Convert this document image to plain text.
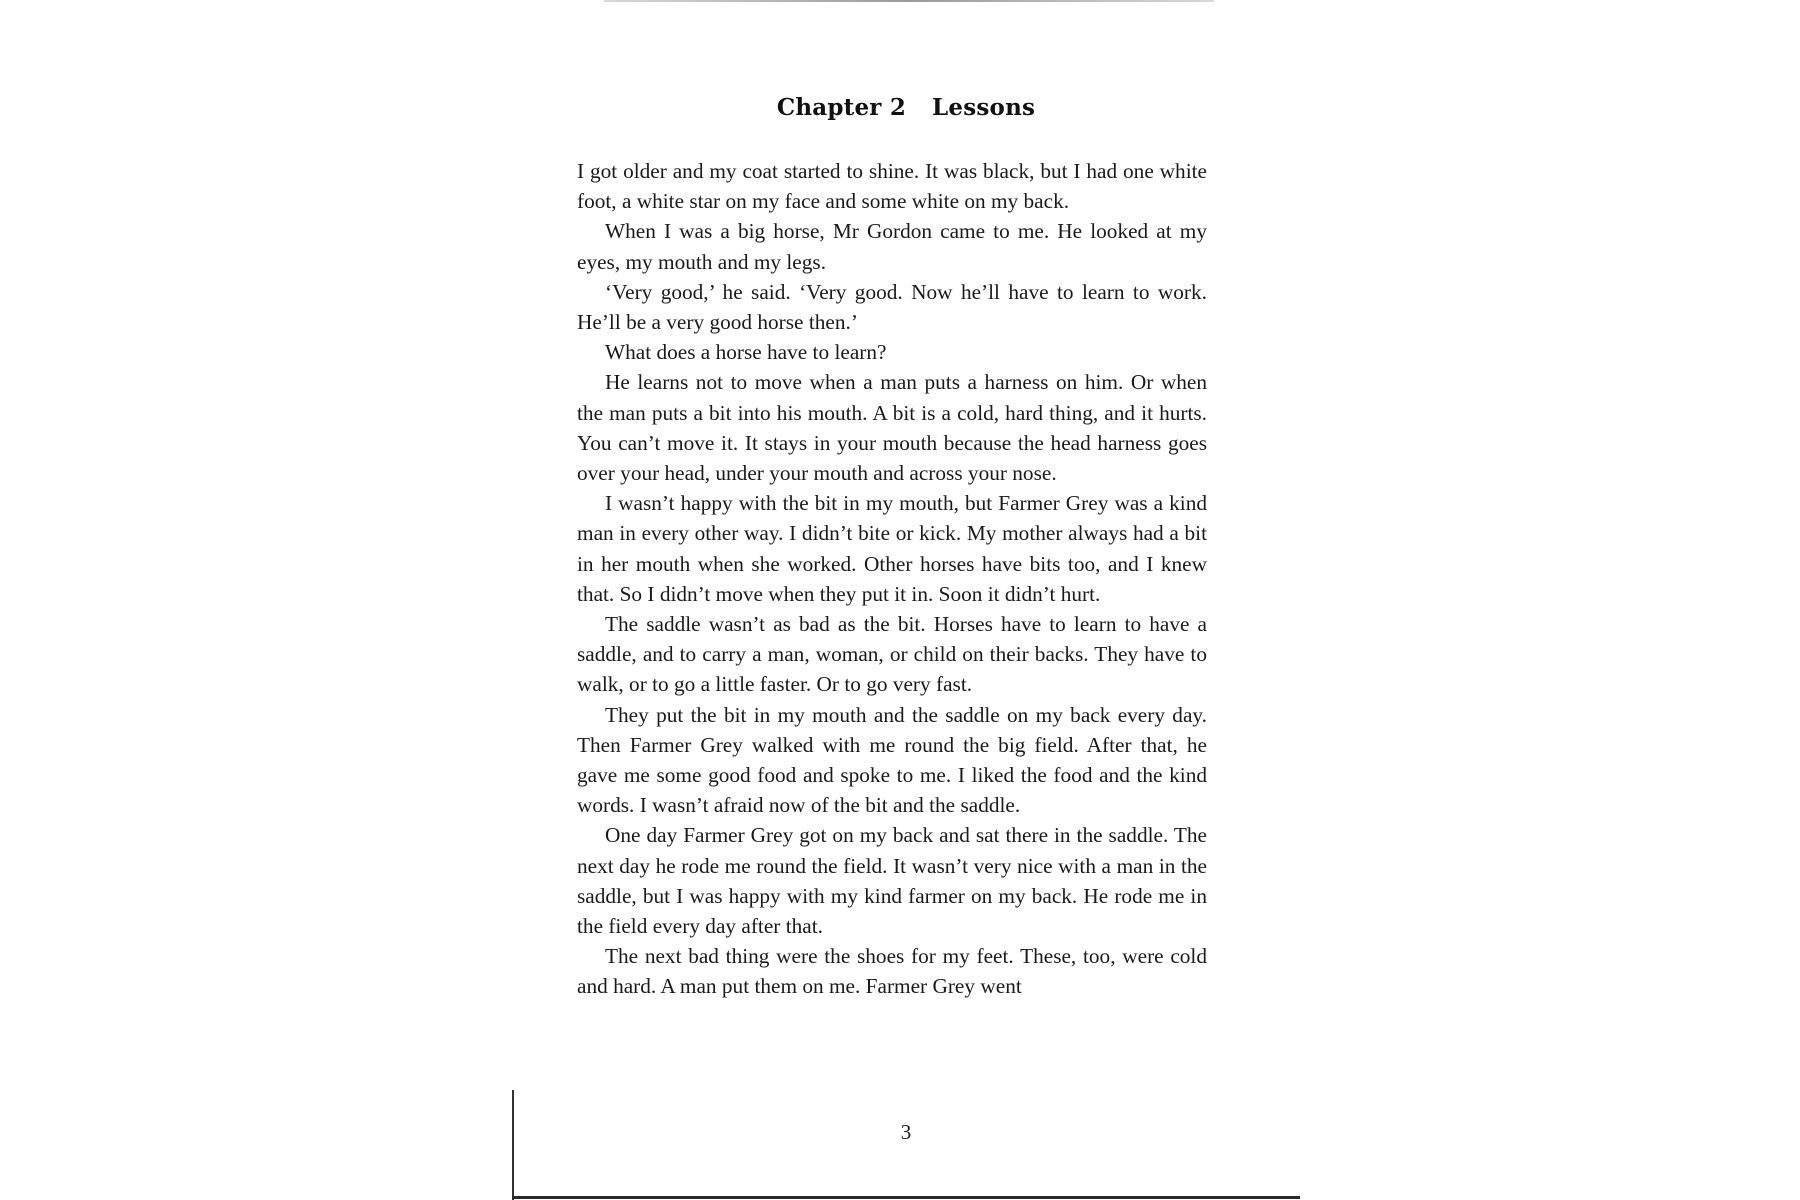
Chapter 2 Lessons

I got older and my coat started to shine. It was black, but I had one white foot, a white star on my face and some white on my back.

When I was a big horse, Mr Gordon came to me. He looked at my eyes, my mouth and my legs.

‘Very good,’ he said. ‘Very good. Now he’ll have to learn to work. He’ll be a very good horse then.’

What does a horse have to learn?

He learns not to move when a man puts a harness on him. Or when the man puts a bit into his mouth. A bit is a cold, hard thing, and it hurts. You can’t move it. It stays in your mouth because the head harness goes over your head, under your mouth and across your nose.

I wasn’t happy with the bit in my mouth, but Farmer Grey was a kind man in every other way. I didn’t bite or kick. My mother always had a bit in her mouth when she worked. Other horses have bits too, and I knew that. So I didn’t move when they put it in. Soon it didn’t hurt.

The saddle wasn’t as bad as the bit. Horses have to learn to have a saddle, and to carry a man, woman, or child on their backs. They have to walk, or to go a little faster. Or to go very fast.

They put the bit in my mouth and the saddle on my back every day. Then Farmer Grey walked with me round the big field. After that, he gave me some good food and spoke to me. I liked the food and the kind words. I wasn’t afraid now of the bit and the saddle.

One day Farmer Grey got on my back and sat there in the saddle. The next day he rode me round the field. It wasn’t very nice with a man in the saddle, but I was happy with my kind farmer on my back. He rode me in the field every day after that.

The next bad thing were the shoes for my feet. These, too, were cold and hard. A man put them on me. Farmer Grey went

3
